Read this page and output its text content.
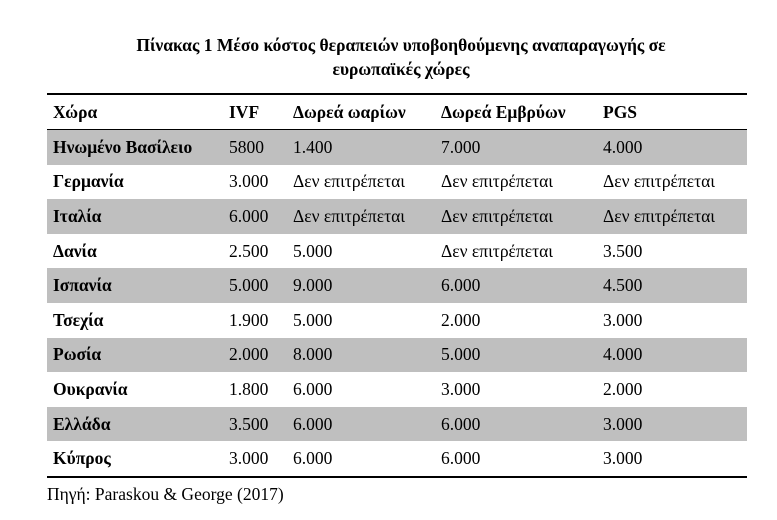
Πίνακας 1 Μέσο κόστος θεραπειών υποβοηθούμενης αναπαραγωγής σε
ευρωπαϊκές χώρες
Χώρα	IVF	Δωρεά ωαρίων	Δωρεά Εμβρύων	PGS
Ηνωμένο Βασίλειο	5800	1.400	7.000	4.000
Γερμανία	3.000	Δεν επιτρέπεται	Δεν επιτρέπεται	Δεν επιτρέπεται
Ιταλία	6.000	Δεν επιτρέπεται	Δεν επιτρέπεται	Δεν επιτρέπεται
Δανία	2.500	5.000	Δεν επιτρέπεται	3.500
Ισπανία	5.000	9.000	6.000	4.500
Τσεχία	1.900	5.000	2.000	3.000
Ρωσία	2.000	8.000	5.000	4.000
Ουκρανία	1.800	6.000	3.000	2.000
Ελλάδα	3.500	6.000	6.000	3.000
Κύπρος	3.000	6.000	6.000	3.000
Πηγή: Paraskou & George (2017)
